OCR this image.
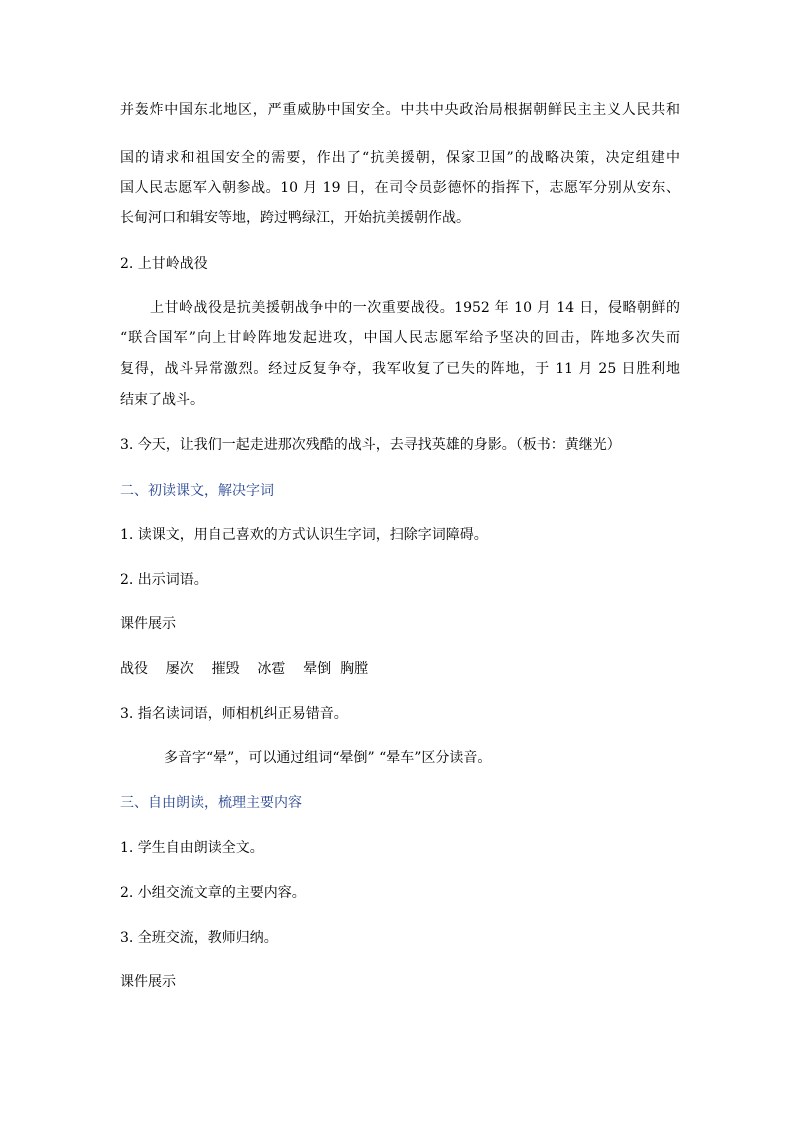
并轰炸中国东北地区，严重威胁中国安全。中共中央政治局根据朝鲜民主主义人民共和
国的请求和祖国安全的需要，作出了“抗美援朝，保家卫国”的战略决策，决定组建中
国人民志愿军入朝参战。10 月 19 日，在司令员彭德怀的指挥下，志愿军分别从安东、
长甸河口和辑安等地，跨过鸭绿江，开始抗美援朝作战。
2. 上甘岭战役
上甘岭战役是抗美援朝战争中的一次重要战役。1952 年 10 月 14 日，侵略朝鲜的
“联合国军”向上甘岭阵地发起进攻，中国人民志愿军给予坚决的回击，阵地多次失而
复得，战斗异常激烈。经过反复争夺，我军收复了已失的阵地，于 11 月 25 日胜利地
结束了战斗。
3. 今天，让我们一起走进那次残酷的战斗，去寻找英雄的身影。（板书：黄继光）
二、初读课文，解决字词
1. 读课文，用自己喜欢的方式认识生字词，扫除字词障碍。
2. 出示词语。
课件展示
战役    屡次    摧毁    冰雹    晕倒  胸膛
3. 指名读词语，师相机纠正易错音。
多音字“晕”，可以通过组词“晕倒” “晕车”区分读音。
三、自由朗读，梳理主要内容
1. 学生自由朗读全文。
2. 小组交流文章的主要内容。
3. 全班交流，教师归纳。
课件展示
